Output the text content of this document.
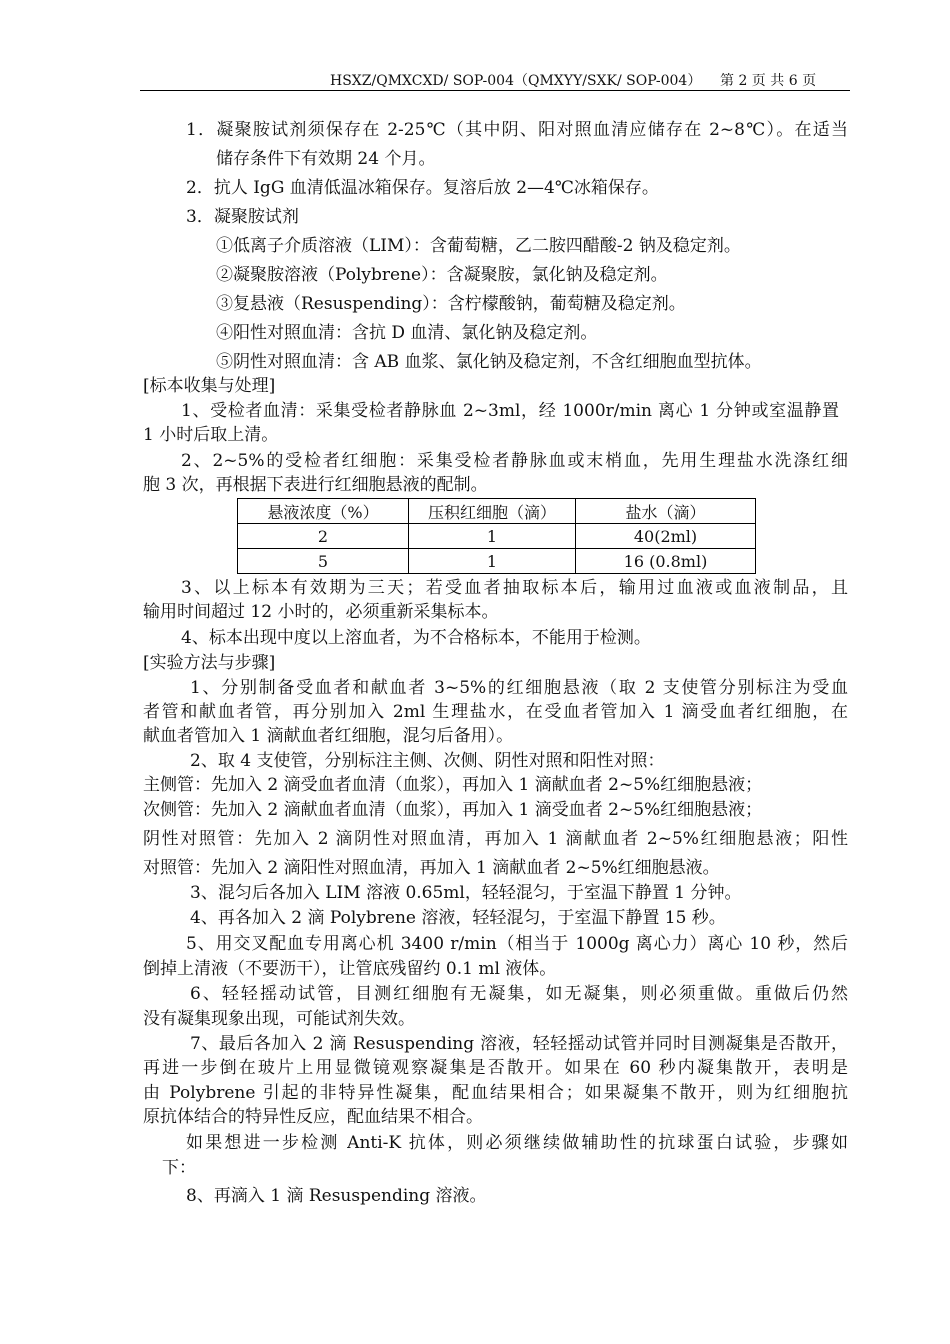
HSXZ/QMXCXD/ SOP-004（QMXYY/SXK/ SOP-004） 第 2 页 共 6 页
1．凝聚胺试剂须保存在 2-25℃（其中阴、阳对照血清应储存在 2~8℃）。在适当
储存条件下有效期 24 个月。
2．抗人 IgG 血清低温冰箱保存。复溶后放 2—4℃冰箱保存。
3．凝聚胺试剂
①低离子介质溶液（LIM）：含葡萄糖，乙二胺四醋酸-2 钠及稳定剂。
②凝聚胺溶液（Polybrene）：含凝聚胺，氯化钠及稳定剂。
③复悬液（Resuspending）：含柠檬酸钠，葡萄糖及稳定剂。
④阳性对照血清：含抗 D 血清、氯化钠及稳定剂。
⑤阴性对照血清：含 AB 血浆、氯化钠及稳定剂，不含红细胞血型抗体。
[标本收集与处理]
1、受检者血清：采集受检者静脉血 2~3ml，经 1000r/min 离心 1 分钟或室温静置
1 小时后取上清。
2、2~5%的受检者红细胞：采集受检者静脉血或末梢血，先用生理盐水洗涤红细
胞 3 次，再根据下表进行红细胞悬液的配制。
悬液浓度（%）	压积红细胞（滴）	盐水（滴）
2	1	40(2ml)
5	1	16 (0.8ml)
3、以上标本有效期为三天；若受血者抽取标本后，输用过血液或血液制品，且
输用时间超过 12 小时的，必须重新采集标本。
4、标本出现中度以上溶血者，为不合格标本，不能用于检测。
[实验方法与步骤]
1、分别制备受血者和献血者 3~5%的红细胞悬液（取 2 支使管分别标注为受血
者管和献血者管，再分别加入 2ml 生理盐水，在受血者管加入 1 滴受血者红细胞，在
献血者管加入 1 滴献血者红细胞，混匀后备用）。
2、取 4 支使管，分别标注主侧、次侧、阴性对照和阳性对照：
主侧管：先加入 2 滴受血者血清（血浆），再加入 1 滴献血者 2~5%红细胞悬液；
次侧管：先加入 2 滴献血者血清（血浆），再加入 1 滴受血者 2~5%红细胞悬液；
阴性对照管：先加入 2 滴阴性对照血清，再加入 1 滴献血者 2~5%红细胞悬液；阳性
对照管：先加入 2 滴阳性对照血清，再加入 1 滴献血者 2~5%红细胞悬液。
3、混匀后各加入 LIM 溶液 0.65ml，轻轻混匀，于室温下静置 1 分钟。
4、再各加入 2 滴 Polybrene 溶液，轻轻混匀，于室温下静置 15 秒。
5、用交叉配血专用离心机 3400 r/min（相当于 1000g 离心力）离心 10 秒，然后
倒掉上清液（不要沥干），让管底残留约 0.1 ml 液体。
6、轻轻摇动试管，目测红细胞有无凝集，如无凝集，则必须重做。重做后仍然
没有凝集现象出现，可能试剂失效。
7、最后各加入 2 滴 Resuspending 溶液，轻轻摇动试管并同时目测凝集是否散开，
再进一步倒在玻片上用显微镜观察凝集是否散开。如果在 60 秒内凝集散开，表明是
由 Polybrene 引起的非特异性凝集，配血结果相合；如果凝集不散开，则为红细胞抗
原抗体结合的特异性反应，配血结果不相合。
如果想进一步检测 Anti-K 抗体，则必须继续做辅助性的抗球蛋白试验，步骤如
下：
8、再滴入 1 滴 Resuspending 溶液。
